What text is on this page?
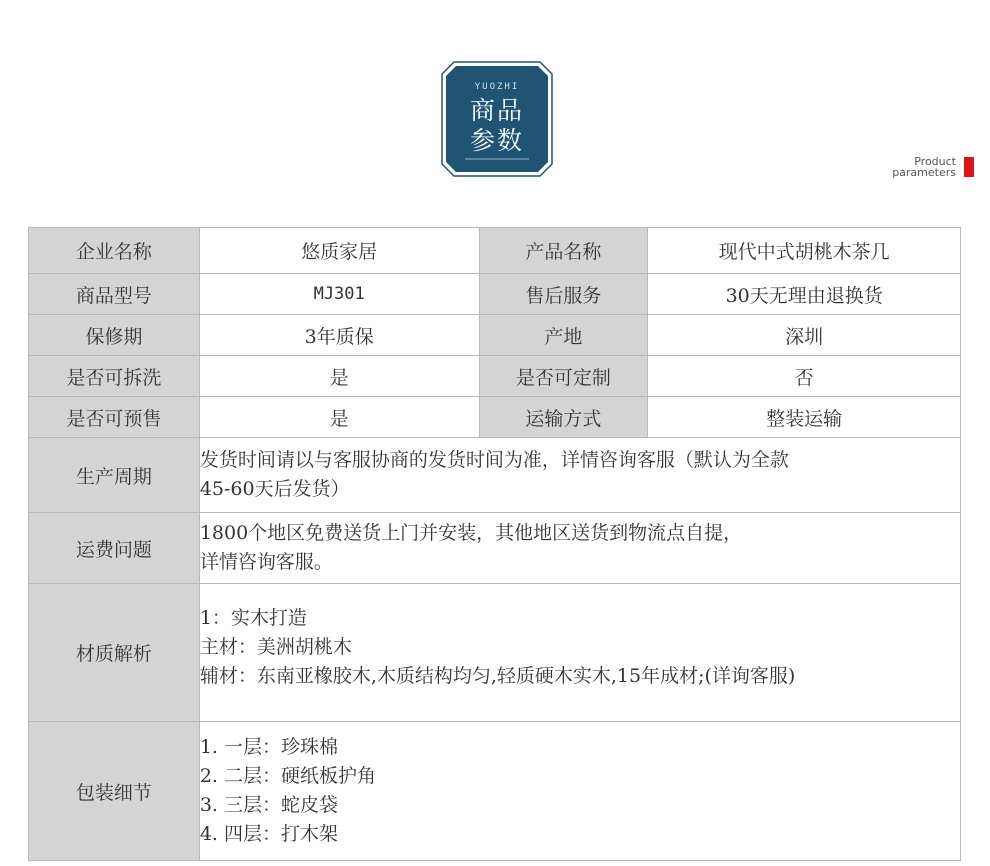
YUOZHI
商品
参数
Product
parameters
企业名称	悠质家居	产品名称	现代中式胡桃木茶几
商品型号	MJ301	售后服务	30天无理由退换货
保修期	3年质保	产地	深圳
是否可拆洗	是	是否可定制	否
是否可预售	是	运输方式	整装运输
生产周期	发货时间请以与客服协商的发货时间为准，详情咨询客服（默认为全款
45-60天后发货）		

运费问题	1800个地区免费送货上门并安装，其他地区送货到物流点自提，
详情咨询客服。		

材质解析	1：实木打造
主材：美洲胡桃木
辅材：东南亚橡胶木,木质结构均匀,轻质硬木实木,15年成材;(详询客服)		

包装细节	1. 一层：珍珠棉
2. 二层：硬纸板护角
3. 三层：蛇皮袋
4. 四层：打木架		
